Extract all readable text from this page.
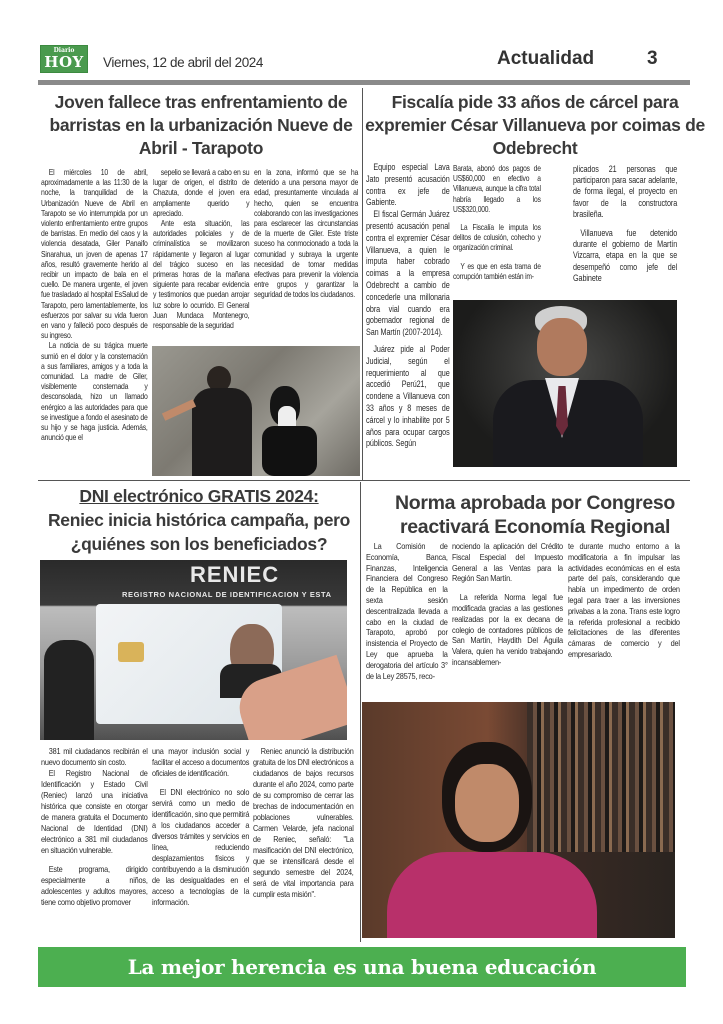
Diario
HOY Viernes, 12 de abril del 2024	Actualidad	3
Joven fallece tras enfrentamiento de barristas en la urbanización Nueve de Abril - Tarapoto

El miércoles 10 de abril, aproximadamente a las 11:30 de la noche, la tranquilidad de la Urbanización Nueve de Abril en Tarapoto se vio interrumpida por un violento enfrentamiento entre grupos de barristas. En medio del caos y la violencia desatada, Giler Panaifo Sinarahua, un joven de apenas 17 años, resultó gravemente herido al recibir un impacto de bala en el cuello. De manera urgente, el joven fue trasladado al hospital EsSalud de Tarapoto, pero lamentablemente, los esfuerzos por salvar su vida fueron en vano y falleció poco después de su ingreso.

La noticia de su trágica muerte sumió en el dolor y la consternación a sus familiares, amigos y a toda la comunidad. La madre de Giler, visiblemente consternada y desconsolada, hizo un llamado enérgico a las autoridades para que se investigue a fondo el asesinato de su hijo y se haga justicia. Además, anunció que el

sepelio se llevará a cabo en su lugar de origen, el distrito de Chazuta, donde el joven era ampliamente querido y apreciado.

Ante esta situación, las autoridades policiales y de criminalística se movilizaron rápidamente y llegaron al lugar del trágico suceso en las primeras horas de la mañana siguiente para recabar evidencia y testimonios que puedan arrojar luz sobre lo ocurrido. El General Juan Mundaca Montenegro, responsable de la seguridad

en la zona, informó que se ha detenido a una persona mayor de edad, presuntamente vinculada al hecho, quien se encuentra colaborando con las investigaciones para esclarecer las circunstancias de la muerte de Giler. Este triste suceso ha conmocionado a toda la comunidad y subraya la urgente necesidad de tomar medidas efectivas para prevenir la violencia entre grupos y garantizar la seguridad de todos los ciudadanos.

Fiscalía pide 33 años de cárcel para expremier César Villanueva por coimas de Odebrecht

Equipo especial Lava Jato presentó acusación contra ex jefe de Gabiente.

El fiscal Germán Juárez presentó acusación penal contra el expremier César Villanueva, a quien le imputa haber cobrado coimas a la empresa Odebrecht a cambio de concederle una millonaria obra vial cuando era gobernador regional de San Martín (2007-2014).

Juárez pide al Poder Judicial, según el requerimiento al que accedió Perú21, que condene a Villanueva con 33 años y 8 meses de cárcel y lo inhabilite por 5 años para ocupar cargos públicos. Según

Barata, abonó dos pagos de US$60,000 en efectivo a Villanueva, aunque la cifra total habría llegado a los US$320,000.

La Fiscalía le imputa los delitos de colusión, cohecho y organización criminal.

Y es que en esta trama de corrupción también están im-

plicados 21 personas que participaron para sacar adelante, de forma ilegal, el proyecto en favor de la constructora brasileña.

Villanueva fue detenido durante el gobierno de Martín Vizcarra, etapa en la que se desempeñó como jefe del Gabinete

DNI electrónico GRATIS 2024:
Reniec inicia histórica campaña, pero ¿quiénes son los beneficiados?
RENIEC
REGISTRO NACIONAL DE IDENTIFICACION Y ESTA

381 mil ciudadanos recibirán el nuevo documento sin costo.

El Registro Nacional de Identificación y Estado Civil (Reniec) lanzó una iniciativa histórica que consiste en otorgar de manera gratuita el Documento Nacional de Identidad (DNI) electrónico a 381 mil ciudadanos en situación vulnerable.

Este programa, dirigido especialmente a niños, adolescentes y adultos mayores, tiene como objetivo promover

una mayor inclusión social y facilitar el acceso a documentos oficiales de identificación.

El DNI electrónico no solo servirá como un medio de identificación, sino que permitirá a los ciudadanos acceder a diversos trámites y servicios en línea, reduciendo desplazamientos físicos y contribuyendo a la disminución de las desigualdades en el acceso a tecnologías de la información.

Reniec anunció la distribución gratuita de los DNI electrónicos a ciudadanos de bajos recursos durante el año 2024, como parte de su compromiso de cerrar las brechas de indocumentación en poblaciones vulnerables. Carmen Velarde, jefa nacional de Reniec, señaló: "La masificación del DNI electrónico, que se intensificará desde el segundo semestre del 2024, será de vital importancia para cumplir esta misión".

Norma aprobada por Congreso reactivará Economía Regional

La Comisión de Economía, Banca, Finanzas, Inteligencia Financiera del Congreso de la República en la sexta sesión descentralizada llevada a cabo en la ciudad de Tarapoto, aprobó por insistencia el Proyecto de Ley que aprueba la derogatoria del artículo 3° de la Ley 28575, reco-

nociendo la aplicación del Crédito Fiscal Especial del Impuesto General a las Ventas para la Región San Martín.

La referida Norma legal fue modificada gracias a las gestiones realizadas por la ex decana de colegio de contadores públicos de San Martín, Haydith Del Águila Valera, quien ha venido trabajando incansablemen-

te durante mucho entorno a la modificatoria a fin impulsar las actividades económicas en el esta parte del país, considerando que había un impedimento de orden legal para traer a las inversiones privabas a la zona. Trans este logro la referida profesional a recibido felicitaciones de las diferentes cámaras de comercio y del empresariado.

La mejor herencia es una buena educación
